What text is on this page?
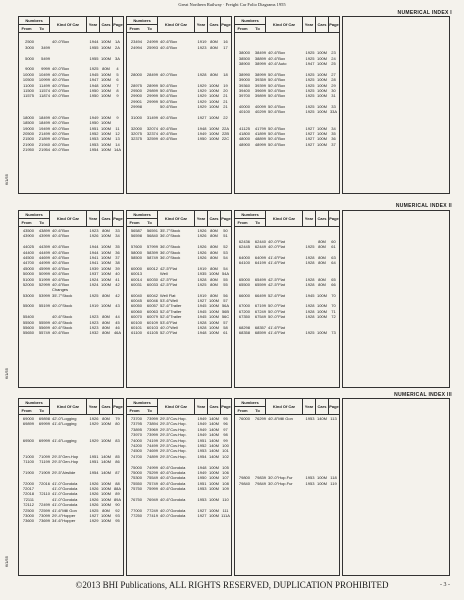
Great Northern Railway · Freight Car Folio Diagrams 1955
NUMERICAL INDEX I
6/1/55
Numbers
From	To
Kind Of Car	Year	Cars Page
2500	40'-0"Box	1944 100M	1A
3000	3499	1955 100M	2A
5000	5499	1955 100M	3A
9000	9999 40'-0"Box	1925 80M	4
10000	10499 40'-0"Box	1945 100M	5
10500	10999 40'-0"Box	1947 100M	6
11000	11499 40'-0"Box	1948 100M	7
11500	11574 40'-0"Box	1950 100M	8
11575	11874 40'-0"Box	1950 100M	9
18000	18499 40'-0"Box	1949 100M	9
18500	18499 40'-0"Box	1950 100M
19000	19499 40'-0"Box	1951 100M	11
20500	21499 40'-0"Box	1952 100M	12
21500	21899 40'-0"Box	1953 100M	13
21900	21940 40'-0"Box	1953 100M	14
21950	21954 40'-0"Box	1954 100M 14A
Numbers
From	To
Kind Of Car	Year	Cars Page
23494	24999 40'-6"Box	1919 80M	16
24994	25993 40'-6"Box	1923 80M	17
28000	28499 40'-0"Box	1928 80M	18
28975	28999 50'-6"Box	1929 100M	19
29500	29899 50'-6"Box	1929 100M	20
29900	29999 50'-6"Box	1929 100M	21
29901	29999 50'-6"Box	1929 100M	21
29998	50'-6"Box	1929 100M	21
31000	31499 40'-6"Box	1927 100M	22
32000	32074 40'-6"Box	1948 100M 22A
32075	32374 40'-6"Box	1949 100M 22B
32375	32599 40'-6"Box	1950 100M 22C
Numbers
From	To
Kind Of Car	Year	Cars Page
38000	38499 40'-6"Box	1925 100M	23
38500	38899 40'-6"Box	1925 100M	24
38900	38999 40'-6"Auto	1947 100M	25
38990	38999 50'-6"Box	1925 100M	27
39000	39359 50'-6"Box	1925 100M	28
39360	39399 50'-6"Box	1925 100M	29
39400	39699 50'-6"Box	1925 100M	30
39700	39899 50'-6"Box	1925 100M	31
40000	40099 50'-6"Box	1925 100M	33
40100	40299 50'-6"Box	1925 100M 33A
41125	41799 50'-6"Box	1927 100M	34
41800	41899 50'-6"Box	1927 100M	35
48000	48899 50'-6"Box	1927 100M	36
48900	48999 50'-6"Box	1927 100M	37
NUMERICAL INDEX II
6/1/55
Numbers
From	To
Kind Of Car	Year	Cars Page
43500	43899 40'-6"Box	1923 80M	33
43900	43999 40'-6"Box	1926 100M	34
44025	44399 40'-6"Box	1944 100M	35
44400	44499 40'-6"Box	1944 100M	36
44500	44699 40'-6"Box	1941 100M	37
44700	44999 40'-6"Box	1941 100M	38
45000	45999 40'-6"Box	1939 100M	39
50000	50999 40'-6"Box	1937 100M	40
51000	51999 40'-6"Box	1924 100M	41
52000	52999 40'-6"Box	1924 100M	42
Changes
53000	53999 35'-7"Stock	1925 80M	42
55000	55199 40'-0"Stock	1919 100M	43
55400	40'-6"Stock	1923 80M	44
55500	55599 40'-6"Stock	1923 80M	45
55600	55699 40'-6"Stock	1923 80M	46
55650	55749 40'-6"Box	1932 80M	46A
Numbers
From	To
Kind Of Car	Year	Cars Page
56587	56591 35'-7"Stock	1926 80M	50
56598	56840 36'-0"Stock	1926 80M	51
57600	57999 36'-0"Stock	1926 80M	52
58000	58399 36'-0"Stock	1926 80M	53
58500	58749 36'-0"Stock	1926 80M	54
60000	60012 42'-5"Flat	1919 80M	54
60013	Well	1935 100M 54A
60014	60030 42'-5"Flat	1928 80M	55
60031	60033 42'-5"Flat	1925 80M	55
60040	60042 Well Flat	1919 80M	56
60045	60046 53'-6"Well	1927 100M	57
60050	60057 52'-6"Trailer	1945 100M 56A
60060	60063 52'-6"Trailer	1945 100M 56B
60070	60079 52'-6"Trailer	1945 100M 56C
60100	60109 53'-6"Flat	1928 100M	57
60101	60103 40'-0"Well	1928 100M	58
61100	61105 52'-0"Flat	1948 100M	61
Numbers
From	To
Kind Of Car	Year	Cars Page
62436	62440 40'-0"Flat	80M	60
62445	62449 40'-0"Flat	1925 80M	61
64000	64099 41'-6"Flat	1928 80M	63
64100	64199 41'-6"Flat	1928 80M	64
65000	65499 42'-5"Flat	1928 80M	65
65500	65599 42'-5"Flat	1928 80M	66
66000	66499 52'-6"Flat	1945 100M	70
67000	67199 50'-0"Flat	1928 100M	70
67200	67249 50'-0"Flat	1928 100M	71
67350	67549 50'-0"Flat	1928 100M	72
68298	68357 41'-6"Flat
68358	68599 41'-6"Flat	1925 100M	73
NUMERICAL INDEX III
6/1/55
Numbers
From	To
Kind Of Car	Year	Cars Page
69000	69898 42'-0"Logging	1926 80M	79
69899	69999 41'-6"Logging	1929 100M	80
69500	69999 41'-6"Logging	1929 100M	83
71000	71099 29'-5"Gen.Hop	1951 140M	85
71100	71199 29'-5"Gen.Hop	1951 140M	86
71900	71909 29'-5"Airslide	1954 140M	87
72000	72016 41'-0"Gondola	1926 100M	88
72017	41'-0"Gondola	1926 100M 88A
72018	72110 41'-0"Gondola	1926 100M	89
72111	41'-0"Gondola	1926 100M 89A
72112	72499 41'-0"Gondola	1926 100M	90
72500	72599 41'-6"Mill Gon	1925 80M	92
73000	73099 29'-4"Hopper	1927 100M	93
73600	73699 34'-6"Hopper	1929 100M	95
Numbers
From	To
Kind Of Car	Year	Cars Page
73700	73999 29'-5"Cov.Hop.	1949 140M	95
73795	73894 29'-5"Cov.Hop.	1949 140M	96
73895	73969 29'-5"Cov.Hop.	1949 140M	97
73970	73999 29'-5"Cov.Hop.	1949 140M	98
74000	74199 29'-5"Cov.Hop.	1951 140M	99
74200	74499 29'-5"Cov.Hop.	1952 140M 100
74500	74699 29'-5"Cov.Hop.	1953 140M 101
74700	74899 29'-5"Cov.Hop.	1954 140M 102
75000	74999 40'-6"Gondola	1948 100M 105
75000	75299 40'-6"Gondola	1949 100M 106
75300	75549 40'-6"Gondola	1950 100M 107
75550	75749 40'-6"Gondola	1951 100M 108
75750	75999 40'-6"Gondola	1953 100M 109
76750	76949 40'-6"Gondola	1953 100M 110
77000	77249 40'-0"Gondola	1927 100M 111
77250	77419 40'-0"Gondola	1927 100M 111A
Numbers
From	To
Kind Of Car	Year	Cars Page
76000	76299 40'-8"Mill Gon	1953 140M 113
79800	79839 30'-0"Hop.Fur	1953 100M 118
79840	79849 30'-0"Hop.Fur	1953 100M 119
©2013 BHI Publications, ALL RIGHTS RESERVED, DUPLICATION PROHIBITED	- 3 -
